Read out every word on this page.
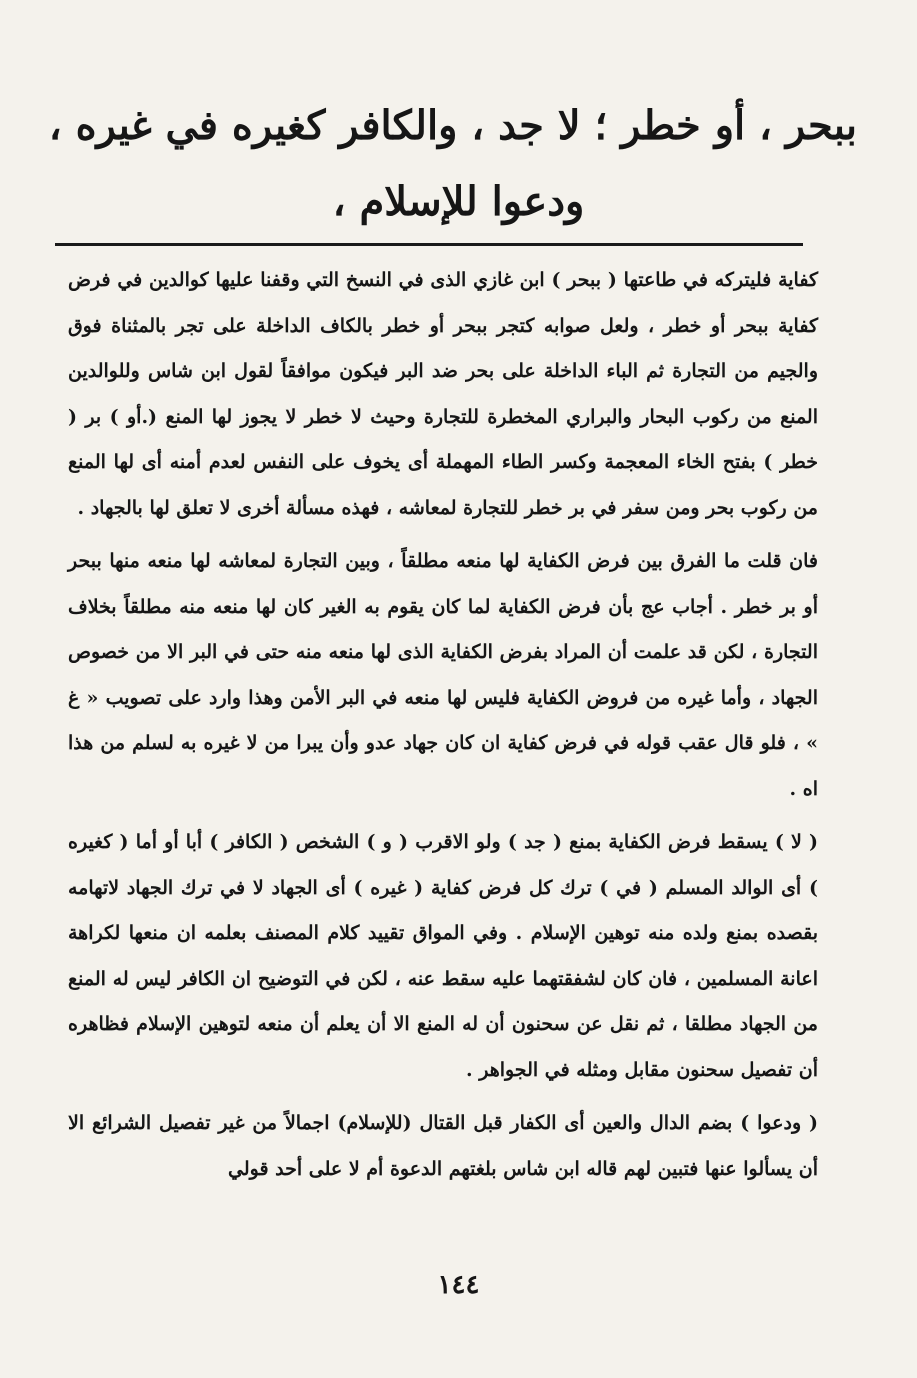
ببحر ، أو خطر ؛ لا جد ، والكافر كغيره في غيره ،
ودعوا للإسلام ،

كفاية فليتركه في طاعتها ( ببحر ) ابن غازي الذى في النسخ التي وقفنا عليها كوالدين في فرض كفاية ببحر أو خطر ، ولعل صوابه كتجر ببحر أو خطر بالكاف الداخلة على تجر بالمثناة فوق والجيم من التجارة ثم الباء الداخلة على بحر ضد البر فيكون موافقاً لقول ابن شاس وللوالدين المنع من ركوب البحار والبراري المخطرة للتجارة وحيث لا خطر لا يجوز لها المنع (.أو ) بر ( خطر ) بفتح الخاء المعجمة وكسر الطاء المهملة أى يخوف على النفس لعدم أمنه أى لها المنع من ركوب بحر ومن سفر في بر خطر للتجارة لمعاشه ، فهذه مسألة أخرى لا تعلق لها بالجهاد .

فان قلت ما الفرق بين فرض الكفاية لها منعه مطلقاً ، وبين التجارة لمعاشه لها منعه منها ببحر أو بر خطر . أجاب عج بأن فرض الكفاية لما كان يقوم به الغير كان لها منعه منه مطلقاً بخلاف التجارة ، لكن قد علمت أن المراد بفرض الكفاية الذى لها منعه منه حتى في البر الا من خصوص الجهاد ، وأما غيره من فروض الكفاية فليس لها منعه في البر الأمن وهذا وارد على تصويب « غ » ، فلو قال عقب قوله في فرض كفاية ان كان جهاد عدو وأن يبرا من لا غيره به لسلم من هذا اه .

( لا ) يسقط فرض الكفاية بمنع ( جد ) ولو الاقرب ( و ) الشخص ( الكافر ) أبا أو أما ( كغيره ) أى الوالد المسلم ( في ) ترك كل فرض كفاية ( غيره ) أى الجهاد لا في ترك الجهاد لاتهامه بقصده بمنع ولده منه توهين الإسلام . وفي المواق تقييد كلام المصنف بعلمه ان منعها لكراهة اعانة المسلمين ، فان كان لشفقتهما عليه سقط عنه ، لكن في التوضيح ان الكافر ليس له المنع من الجهاد مطلقا ، ثم نقل عن سحنون أن له المنع الا أن يعلم أن منعه لتوهين الإسلام فظاهره أن تفصيل سحنون مقابل ومثله في الجواهر .

( ودعوا ) بضم الدال والعين أى الكفار قبل القتال (للإسلام) اجمالاً من غير تفصيل الشرائع الا أن يسألوا عنها فتبين لهم قاله ابن شاس بلغتهم الدعوة أم لا على أحد قولي

١٤٤
